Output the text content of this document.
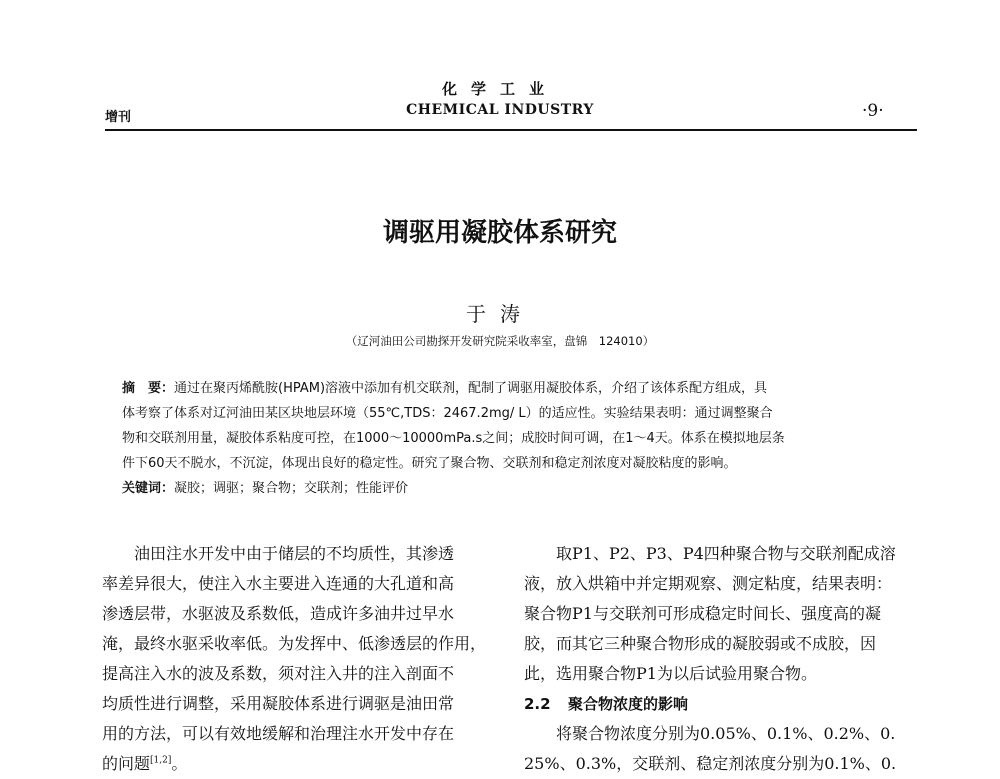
化学工业
CHEMICAL INDUSTRY
增刊	·9·
调驱用凝胶体系研究
于涛
（辽河油田公司勘探开发研究院采收率室，盘锦　124010）
摘　要：通过在聚丙烯酰胺(HPAM)溶液中添加有机交联剂，配制了调驱用凝胶体系，介绍了该体系配方组成，具
体考察了体系对辽河油田某区块地层环境（55℃,TDS：2467.2mg/ L）的适应性。实验结果表明：通过调整聚合
物和交联剂用量，凝胶体系粘度可控，在1000～10000mPa.s之间；成胶时间可调，在1～4天。体系在模拟地层条
件下60天不脱水，不沉淀，体现出良好的稳定性。研究了聚合物、交联剂和稳定剂浓度对凝胶粘度的影响。
关键词：凝胶；调驱；聚合物；交联剂；性能评价
油田注水开发中由于储层的不均质性，其渗透
率差异很大，使注入水主要进入连通的大孔道和高
渗透层带，水驱波及系数低，造成许多油井过早水
淹，最终水驱采收率低。为发挥中、低渗透层的作用，
提高注入水的波及系数，须对注入井的注入剖面不
均质性进行调整，采用凝胶体系进行调驱是油田常
用的方法，可以有效地缓解和治理注水开发中存在
的问题[1,2]。
取P1、P2、P3、P4四种聚合物与交联剂配成溶
液，放入烘箱中并定期观察、测定粘度，结果表明：
聚合物P1与交联剂可形成稳定时间长、强度高的凝
胶，而其它三种聚合物形成的凝胶弱或不成胶，因
此，选用聚合物P1为以后试验用聚合物。
2.2 聚合物浓度的影响
将聚合物浓度分别为0.05%、0.1%、0.2%、0.
25%、0.3%，交联剂、稳定剂浓度分别为0.1%、0.
